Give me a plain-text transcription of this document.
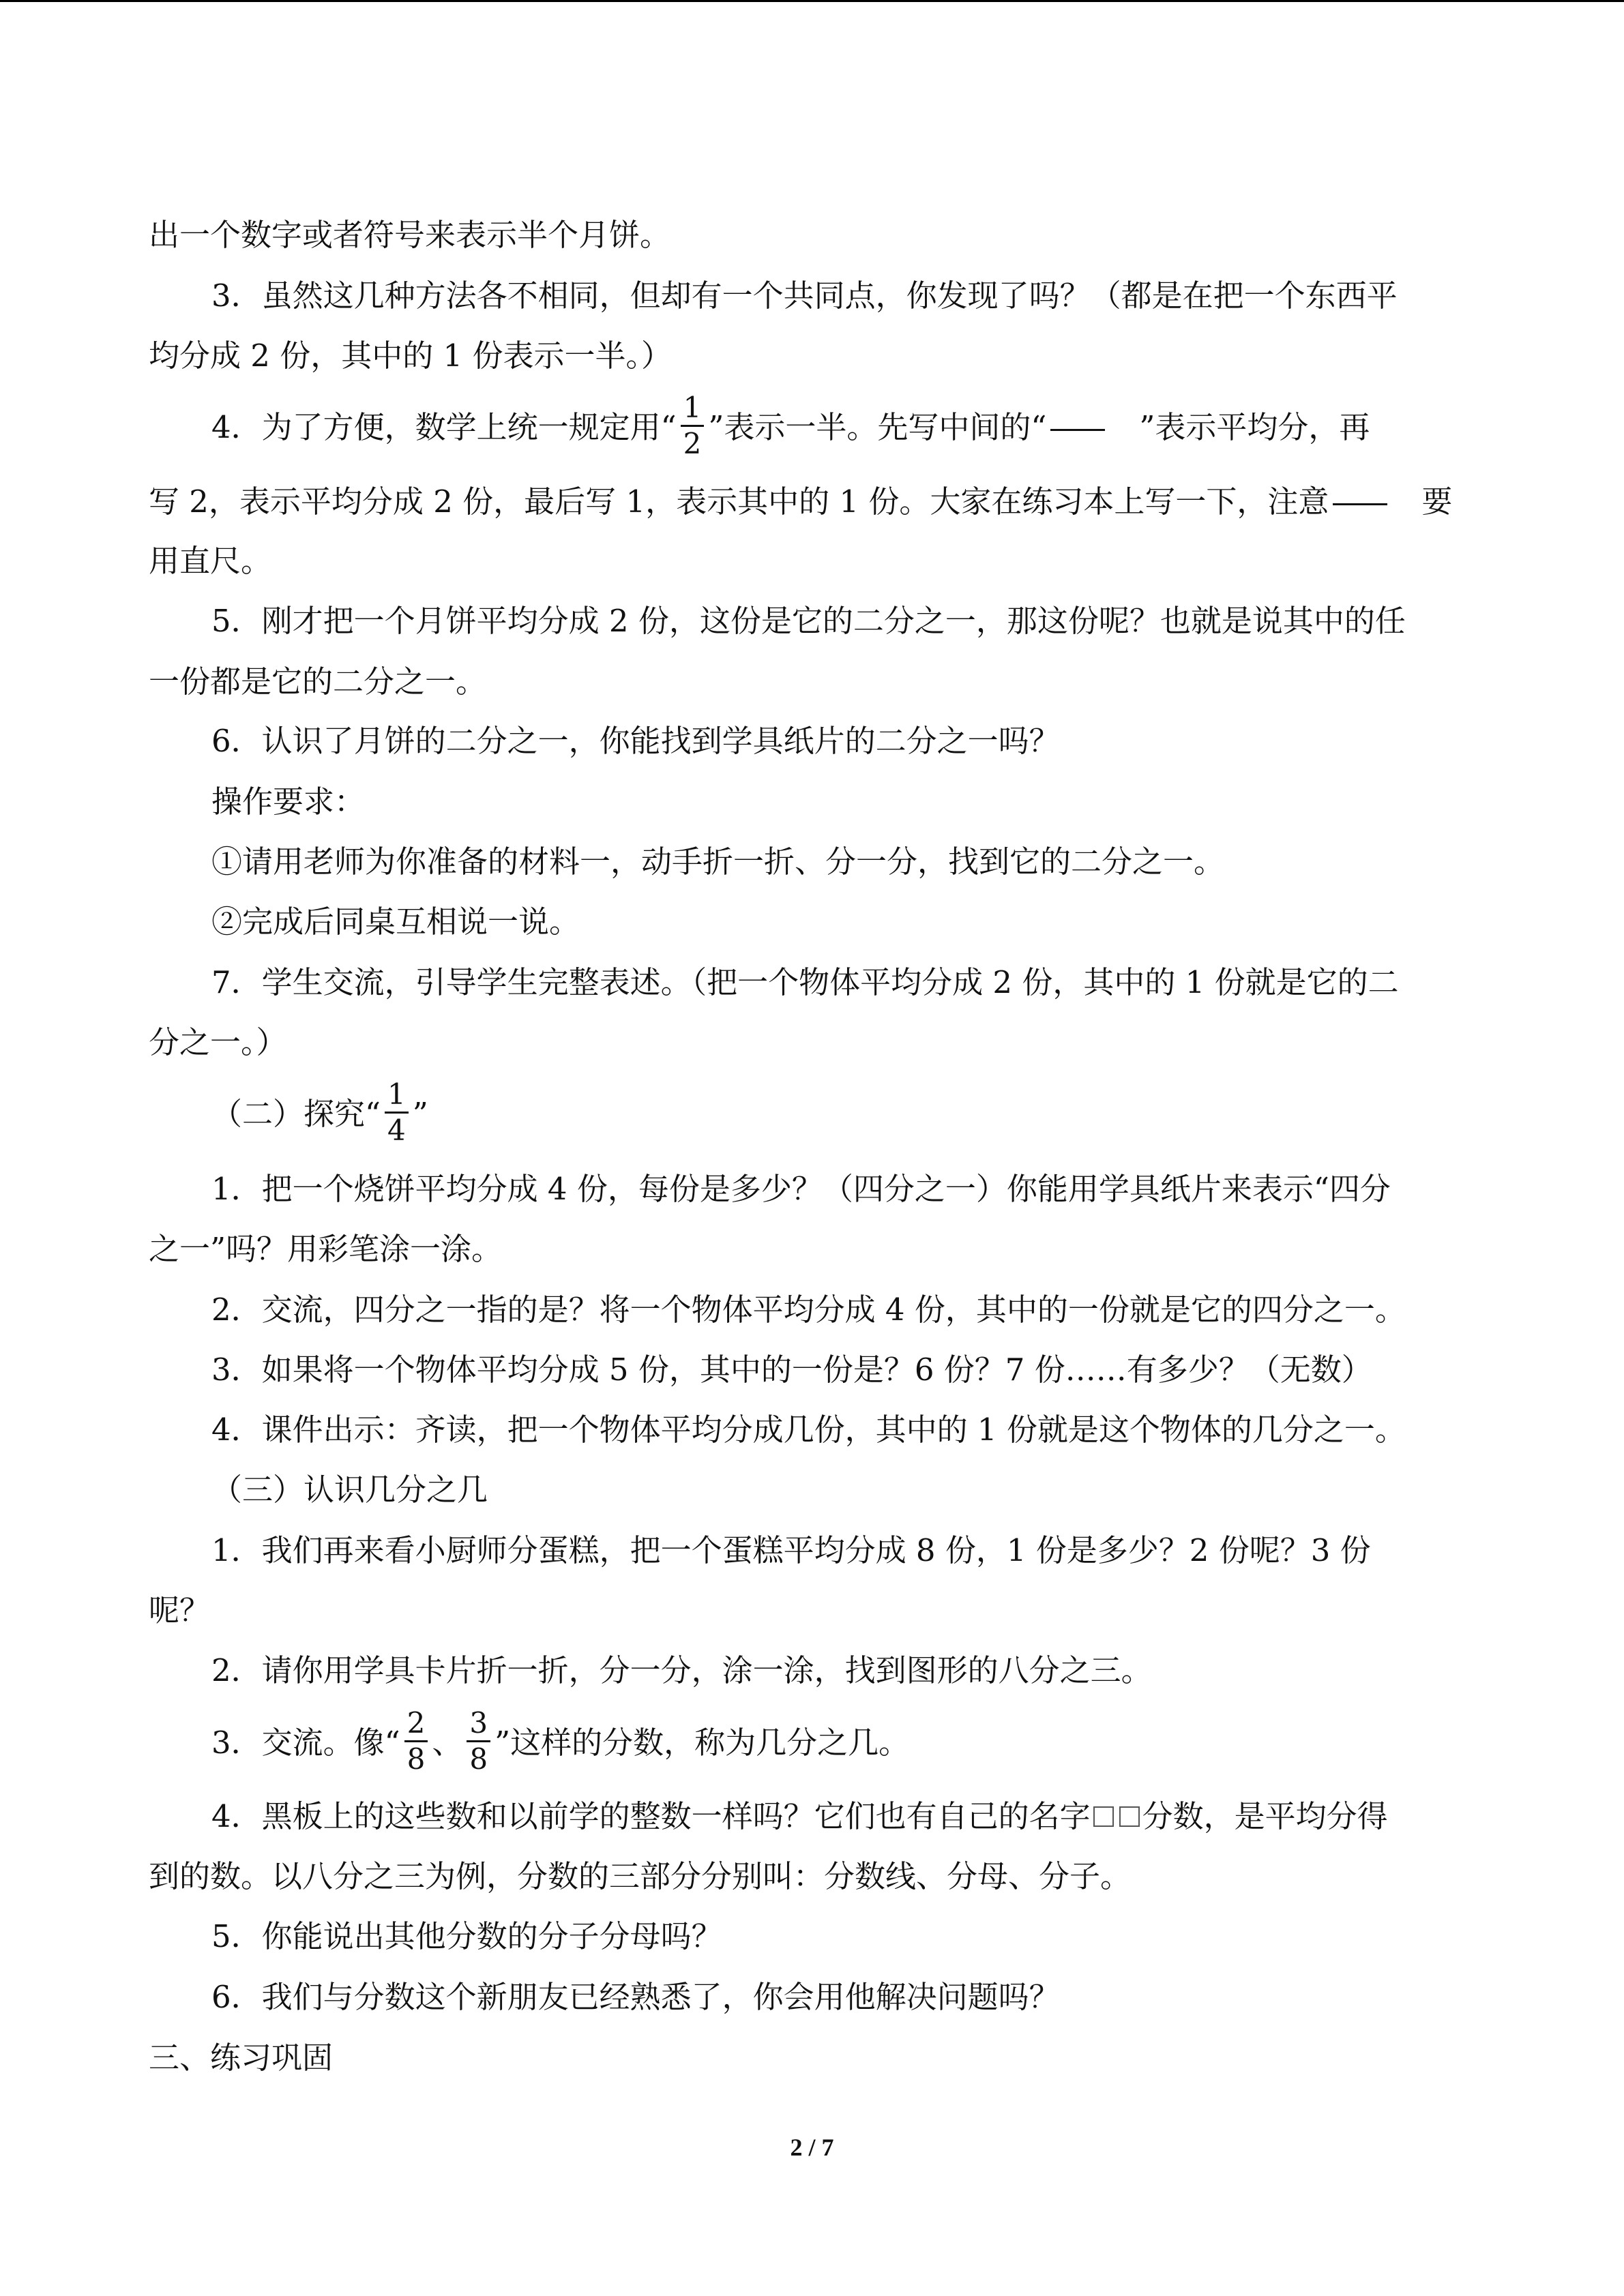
出一个数字或者符号来表示半个月饼。
3．虽然这几种方法各不相同，但却有一个共同点，你发现了吗？（都是在把一个东西平
均分成 2 份，其中的 1 份表示一半。）
4．为了方便，数学上统一规定用“ $\frac{1}{2}$ ”表示一半。先写中间的“	”表示平均分，再
写 2，表示平均分成 2 份，最后写 1，表示其中的 1 份。大家在练习本上写一下，注意	要
用直尺。
5．刚才把一个月饼平均分成 2 份，这份是它的二分之一，那这份呢？也就是说其中的任
一份都是它的二分之一。
6．认识了月饼的二分之一，你能找到学具纸片的二分之一吗？
操作要求：
①请用老师为你准备的材料一，动手折一折、分一分，找到它的二分之一。
②完成后同桌互相说一说。
7．学生交流，引导学生完整表述。（把一个物体平均分成 2 份，其中的 1 份就是它的二
分之一。）
（二）探究“ $\frac{1}{4}$ ”
1．把一个烧饼平均分成 4 份，每份是多少？（四分之一）你能用学具纸片来表示“四分
之一”吗？用彩笔涂一涂。
2．交流，四分之一指的是？将一个物体平均分成 4 份，其中的一份就是它的四分之一。
3．如果将一个物体平均分成 5 份，其中的一份是？6 份？7 份……有多少？（无数）
4．课件出示：齐读，把一个物体平均分成几份，其中的 1 份就是这个物体的几分之一。
（三）认识几分之几
1．我们再来看小厨师分蛋糕，把一个蛋糕平均分成 8 份，1 份是多少？2 份呢？3 份
呢？
2．请你用学具卡片折一折，分一分，涂一涂，找到图形的八分之三。
3．交流。像“ $\frac{2}{8}$ 、 $\frac{3}{8}$ ”这样的分数，称为几分之几。
4．黑板上的这些数和以前学的整数一样吗？它们也有自己的名字 分数，是平均分得
到的数。以八分之三为例，分数的三部分分别叫：分数线、分母、分子。
5．你能说出其他分数的分子分母吗？
6．我们与分数这个新朋友已经熟悉了，你会用他解决问题吗？
三、练习巩固
2 / 7
